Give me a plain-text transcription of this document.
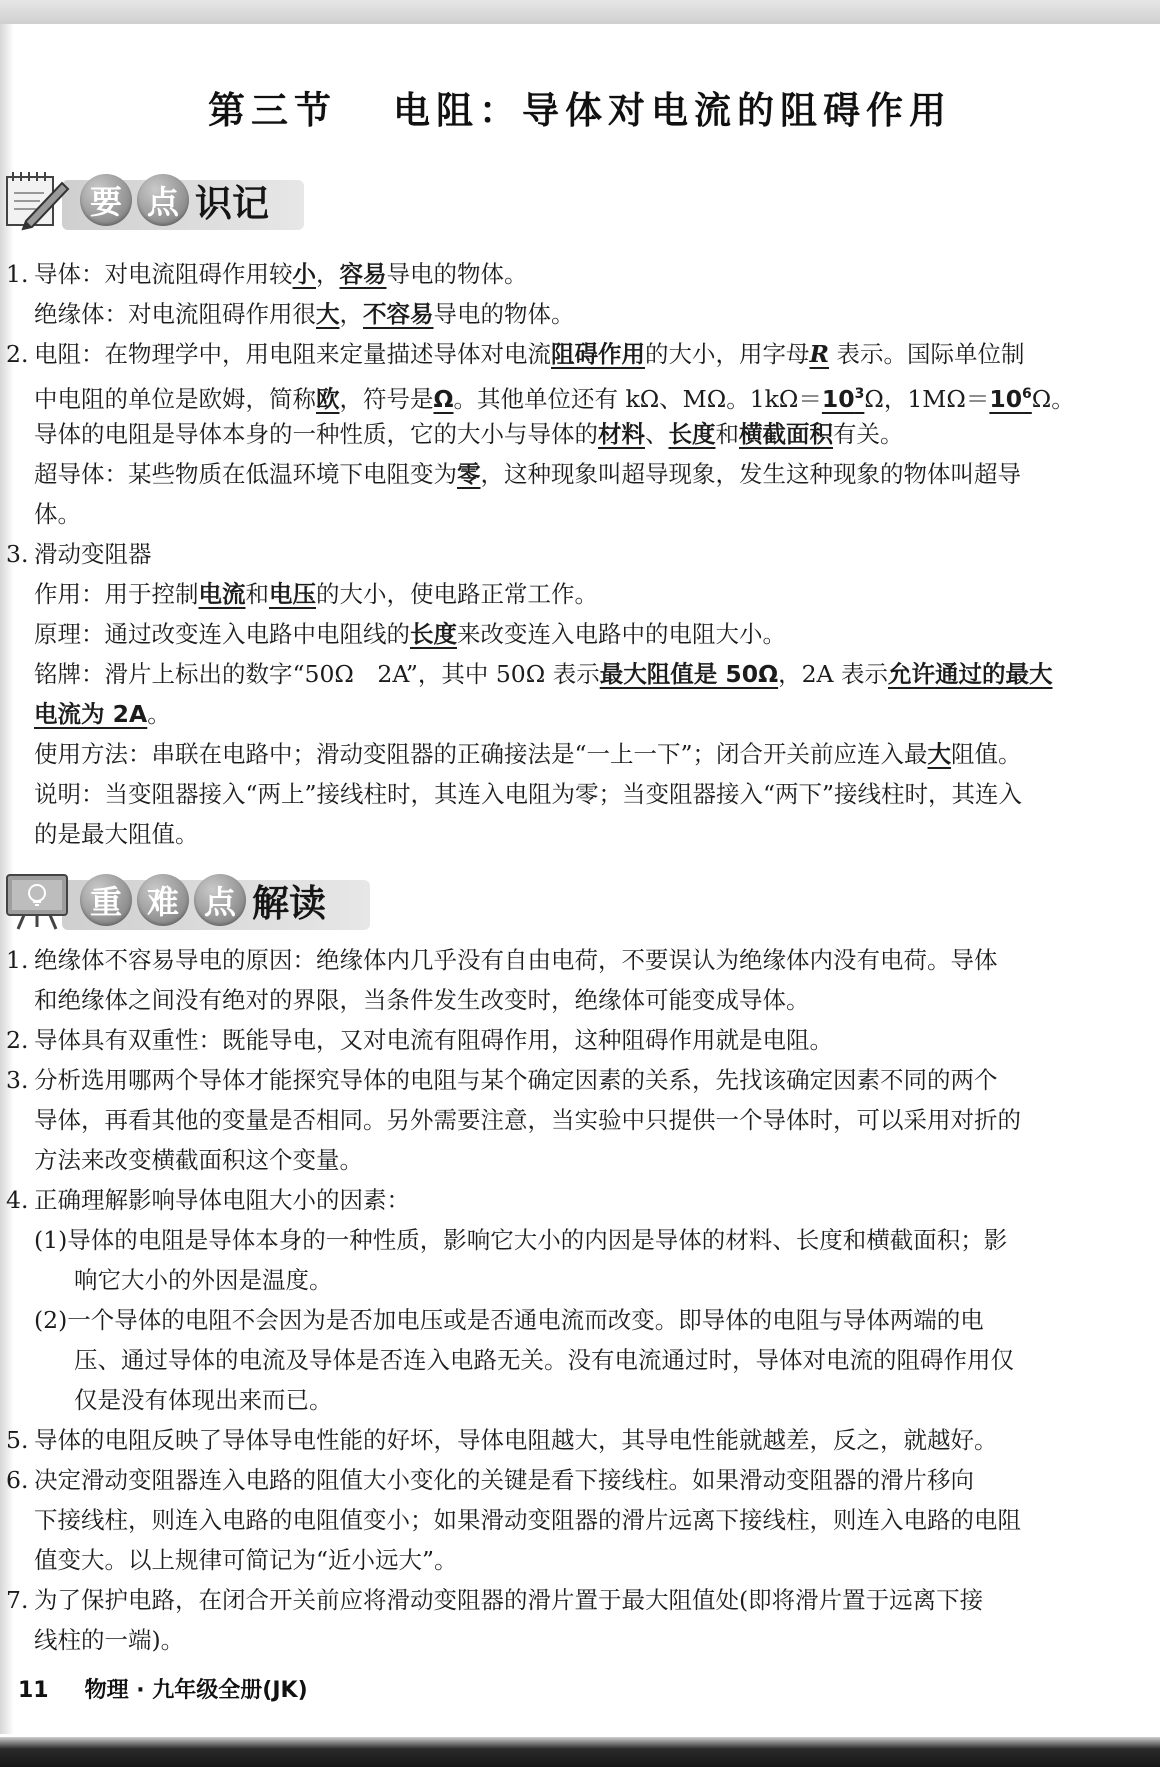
第三节 电阻：导体对电流的阻碍作用
要 点 识记
1. 导体：对电流阻碍作用较小，容易导电的物体。
绝缘体：对电流阻碍作用很大，不容易导电的物体。
2. 电阻：在物理学中，用电阻来定量描述导体对电流阻碍作用的大小，用字母R 表示。国际单位制
中电阻的单位是欧姆，简称欧，符号是Ω。其他单位还有 kΩ、MΩ。$1k\Omega=10^3\Omega$，$1M\Omega=10^6\Omega$。
导体的电阻是导体本身的一种性质，它的大小与导体的材料、长度和横截面积有关。
超导体：某些物质在低温环境下电阻变为零，这种现象叫超导现象，发生这种现象的物体叫超导
体。
3. 滑动变阻器
作用：用于控制电流和电压的大小，使电路正常工作。
原理：通过改变连入电路中电阻线的长度来改变连入电路中的电阻大小。
铭牌：滑片上标出的数字“50Ω　2A”，其中 50Ω 表示最大阻值是 50Ω，2A 表示允许通过的最大
电流为 2A。
使用方法：串联在电路中；滑动变阻器的正确接法是“一上一下”；闭合开关前应连入最大阻值。
说明：当变阻器接入“两上”接线柱时，其连入电阻为零；当变阻器接入“两下”接线柱时，其连入
的是最大阻值。
重 难 点 解读
1. 绝缘体不容易导电的原因：绝缘体内几乎没有自由电荷，不要误认为绝缘体内没有电荷。导体
和绝缘体之间没有绝对的界限，当条件发生改变时，绝缘体可能变成导体。
2. 导体具有双重性：既能导电，又对电流有阻碍作用，这种阻碍作用就是电阻。
3. 分析选用哪两个导体才能探究导体的电阻与某个确定因素的关系，先找该确定因素不同的两个
导体，再看其他的变量是否相同。另外需要注意，当实验中只提供一个导体时，可以采用对折的
方法来改变横截面积这个变量。
4. 正确理解影响导体电阻大小的因素：
(1)导体的电阻是导体本身的一种性质，影响它大小的内因是导体的材料、长度和横截面积；影
响它大小的外因是温度。
(2)一个导体的电阻不会因为是否加电压或是否通电流而改变。即导体的电阻与导体两端的电
压、通过导体的电流及导体是否连入电路无关。没有电流通过时，导体对电流的阻碍作用仅
仅是没有体现出来而已。
5. 导体的电阻反映了导体导电性能的好坏，导体电阻越大，其导电性能就越差，反之，就越好。
6. 决定滑动变阻器连入电路的阻值大小变化的关键是看下接线柱。如果滑动变阻器的滑片移向
下接线柱，则连入电路的电阻值变小；如果滑动变阻器的滑片远离下接线柱，则连入电路的电阻
值变大。以上规律可简记为“近小远大”。
7. 为了保护电路，在闭合开关前应将滑动变阻器的滑片置于最大阻值处(即将滑片置于远离下接
线柱的一端)。
11 物理 · 九年级全册(JK)
